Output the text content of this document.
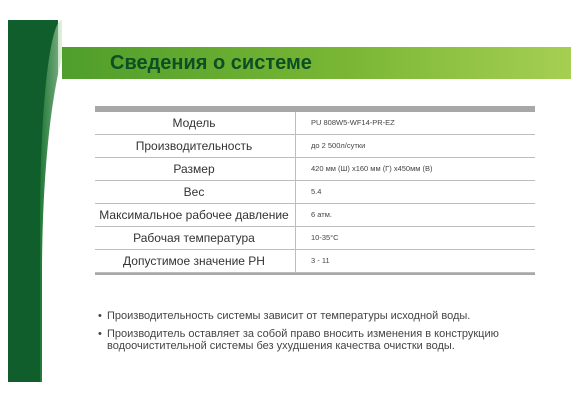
Сведения о системе
Модель	PU 808W5-WF14-PR-EZ
Производительность	до 2 500л/сутки
Размер	420 мм (Ш) x160 мм (Г) x450мм (В)
Вес	5.4
Максимальное рабочее давление	6 атм.
Рабочая температура	10-35°C
Допустимое значение PH	3 - 11
• Производительность системы зависит от температуры исходной воды.
• Производитель оставляет за собой право вносить изменения в конструкцию водоочистительной системы без ухудшения качества очистки воды.
